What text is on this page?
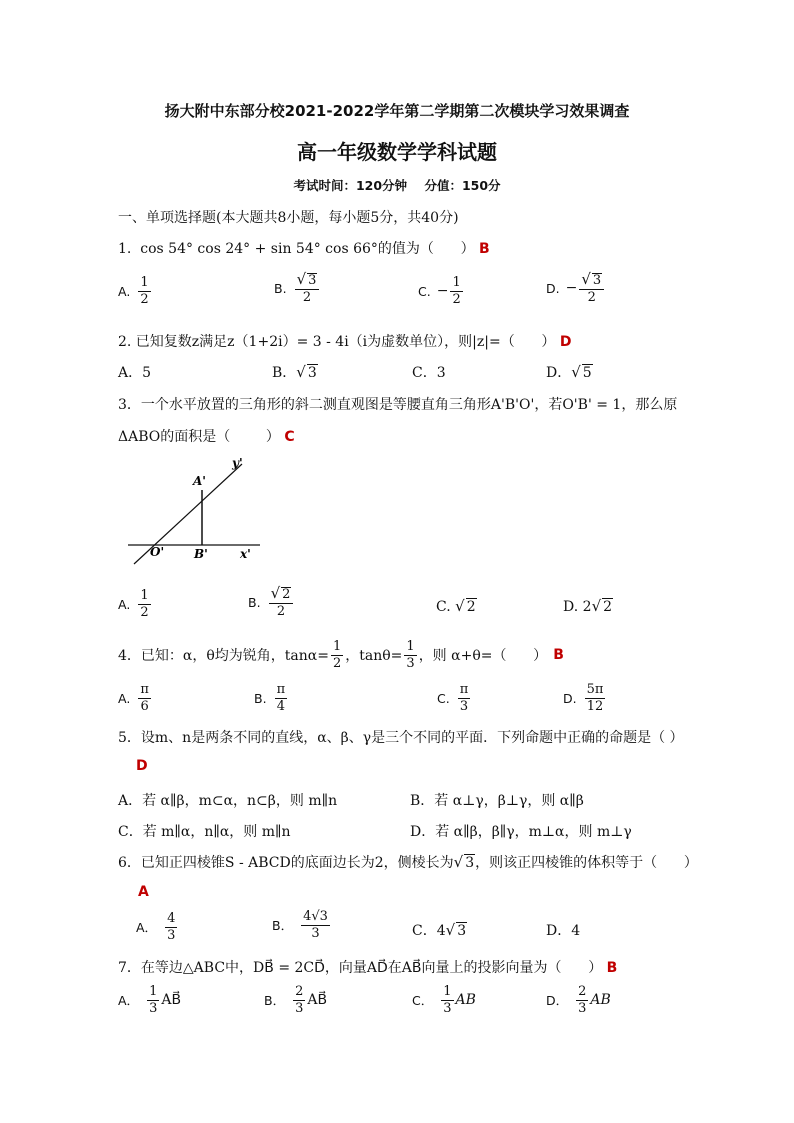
扬大附中东部分校2021-2022学年第二学期第二次模块学习效果调查
高一年级数学学科试题
考试时间：120分钟    分值：150分
一、单项选择题(本大题共8小题，每小题5分，共40分)
1.  cos 54° cos 24° + sin 54° cos 66°的值为（      ） B
A. $\frac{1}{2}$	B. $\frac{√ 3}{2}$	C. − $\frac{1}{2}$	D. − $\frac{√ 3}{2}$
2. 已知复数z满足z（1+2i）= 3 - 4i（i为虚数单位），则|z|=（      ） D
A．5	B．√ 3	C．3	D．√ 5
3．一个水平放置的三角形的斜二测直观图是等腰直角三角形A'B'O'，若O'B' = 1，那么原
ΔABO的面积是（        ） C
y'
A'
O' B'	x'
A. $\frac{1}{2}$	B. $\frac{√ 2}{2}$	C. √ 2	D. 2√ 2
4．已知：α，θ均为锐角，$\tan\alpha= \frac{1}{2}$ ，$\tan\theta= \frac{1}{3}$ ，则 α+θ=（      ） B
A. $\frac{\pi}{6}$	B. $\frac{\pi}{4}$	C. $\frac{\pi}{3}$	D. $\frac{5\pi}{12}$
5．设m、n是两条不同的直线，α、β、γ是三个不同的平面．下列命题中正确的命题是（ ）
D
A．若 α∥β，m⊂α，n⊂β，则 m∥n	B．若 α⊥γ，β⊥γ，则 α∥β
C．若 m∥α，n∥α，则 m∥n	D．若 α∥β，β∥γ，m⊥α，则 m⊥γ
6．已知正四棱锥S - ABCD的底面边长为2，侧棱长为√ 3，则该正四棱锥的体积等于（      ）
A
A． $\frac{4}{3}$	B． $\frac{4√3}{3}$	C．4√ 3	D．4
7．在等边△ABC中，DB⃗ = 2CD⃗，向量AD⃗在AB⃗向量上的投影向量为（      ） B
A． $\frac{1}{3}$ AB⃗	B． $\frac{2}{3}$ AB⃗	C． $\frac{1}{3}$ AB	D． $\frac{2}{3}$ AB
